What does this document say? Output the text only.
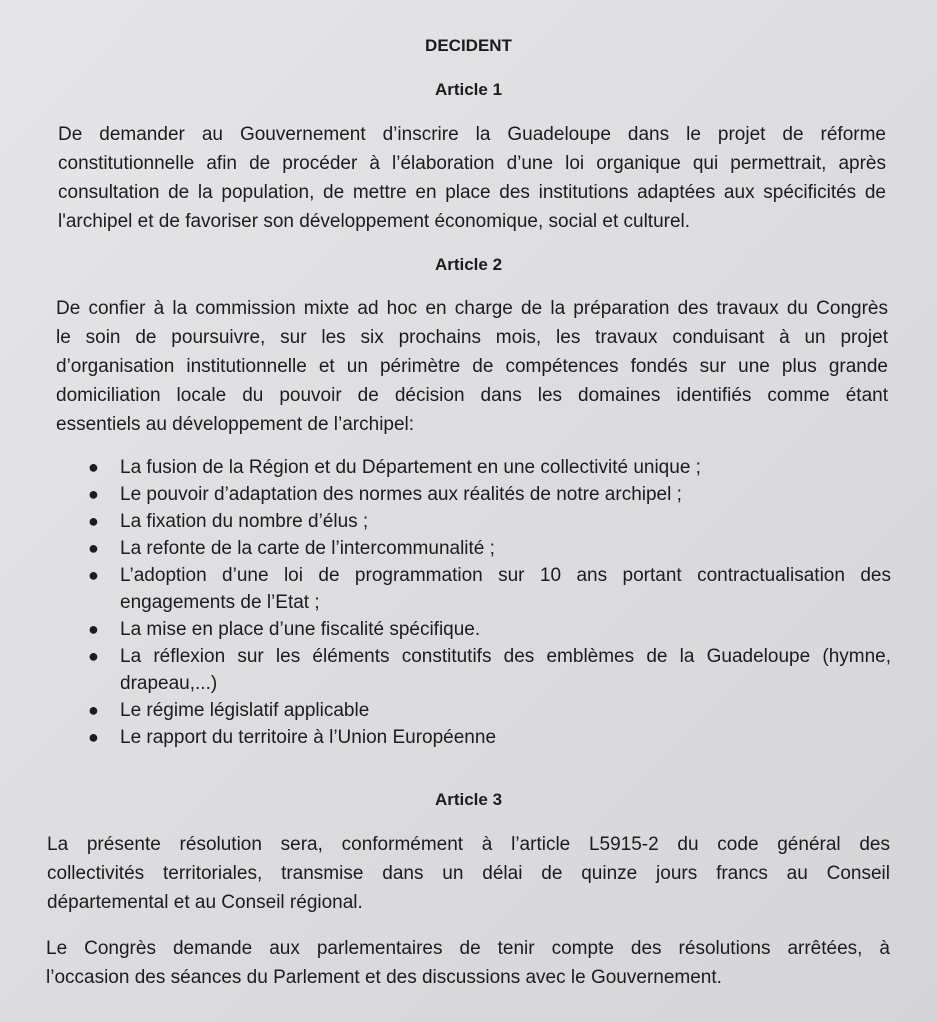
DECIDENT
Article 1
De demander au Gouvernement d’inscrire la Guadeloupe dans le projet de réforme
constitutionnelle afin de procéder à l’élaboration d’une loi organique qui permettrait, après
consultation de la population, de mettre en place des institutions adaptées aux spécificités de
l'archipel et de favoriser son développement économique, social et culturel.
Article 2
De confier à la commission mixte ad hoc en charge de la préparation des travaux du Congrès
le soin de poursuivre, sur les six prochains mois, les travaux conduisant à un projet
d’organisation institutionnelle et un périmètre de compétences fondés sur une plus grande
domiciliation locale du pouvoir de décision dans les domaines identifiés comme étant
essentiels au développement de l’archipel:
● La fusion de la Région et du Département en une collectivité unique ;
● Le pouvoir d’adaptation des normes aux réalités de notre archipel ;
● La fixation du nombre d’élus ;
● La refonte de la carte de l’intercommunalité ;
● L’adoption d’une loi de programmation sur 10 ans portant contractualisation des
engagements de l’Etat ;
● La mise en place d’une fiscalité spécifique.
● La réflexion sur les éléments constitutifs des emblèmes de la Guadeloupe (hymne,
drapeau,...)
● Le régime législatif applicable
● Le rapport du territoire à l’Union Européenne
Article 3
La présente résolution sera, conformément à l’article L5915-2 du code général des
collectivités territoriales, transmise dans un délai de quinze jours francs au Conseil
départemental et au Conseil régional.
Le Congrès demande aux parlementaires de tenir compte des résolutions arrêtées, à
l’occasion des séances du Parlement et des discussions avec le Gouvernement.
